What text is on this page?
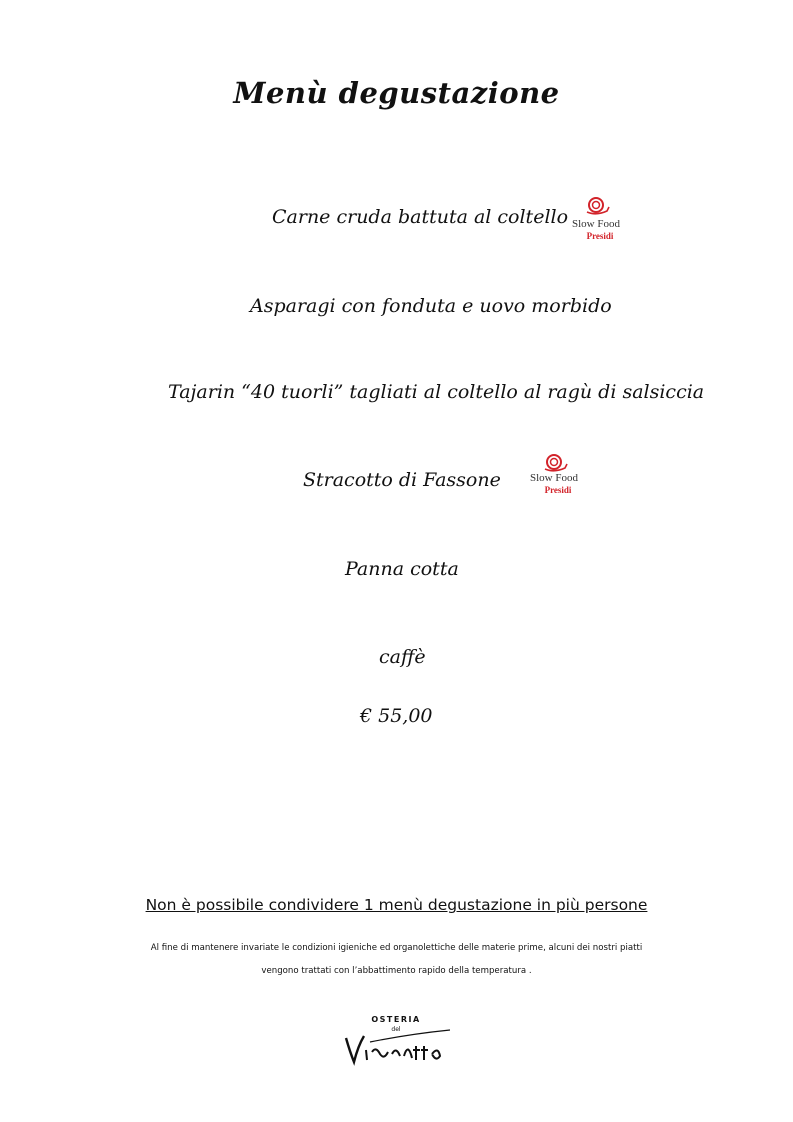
Menù degustazione
Carne cruda battuta al coltello Slow Food
Presidi
Asparagi con fonduta e uovo morbido
Tajarin “40 tuorli” tagliati al coltello al ragù di salsiccia
Stracotto di Fassone	Slow Food
Presidi
Panna cotta
caffè
€ 55,00
Non è possibile condividere 1 menù degustazione in più persone
Al fine di mantenere invariate le condizioni igieniche ed organolettiche delle materie prime, alcuni dei nostri piatti
vengono trattati con l’abbattimento rapido della temperatura .
OSTERIA
del
